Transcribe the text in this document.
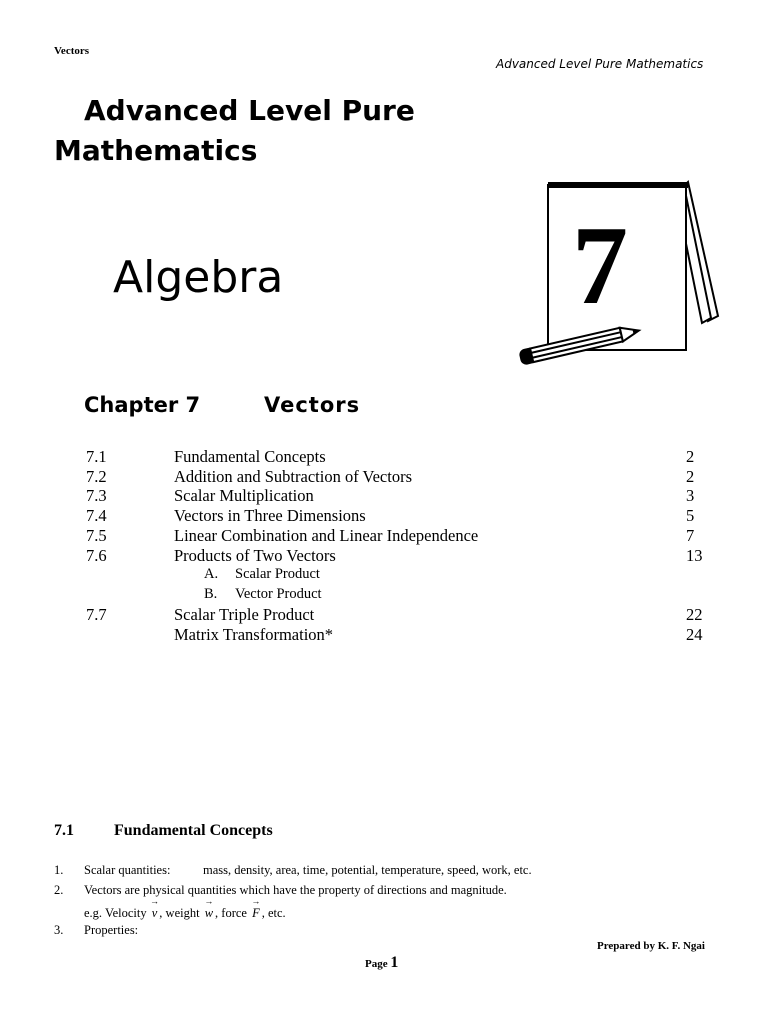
Vectors
Advanced Level Pure Mathematics
Advanced Level Pure
Mathematics
Algebra	7
Chapter 7	Vectors
7.1	Fundamental Concepts	2
7.2	Addition and Subtraction of Vectors	2
7.3	Scalar Multiplication	3
7.4	Vectors in Three Dimensions	5
7.5	Linear Combination and Linear Independence	7
7.6	Products of Two Vectors	13
A. Scalar Product
B. Vector Product
7.7	Scalar Triple Product	22
Matrix Transformation*	24
7.1	Fundamental Concepts
1. Scalar quantities:	mass, density, area, time, potential, temperature, speed, work, etc.
2. Vectors are physical quantities which have the property of directions and magnitude.
e.g. Velocity → v , weight → w , force → F , etc.
3. Properties:
Prepared by K. F. Ngai
Page 1
